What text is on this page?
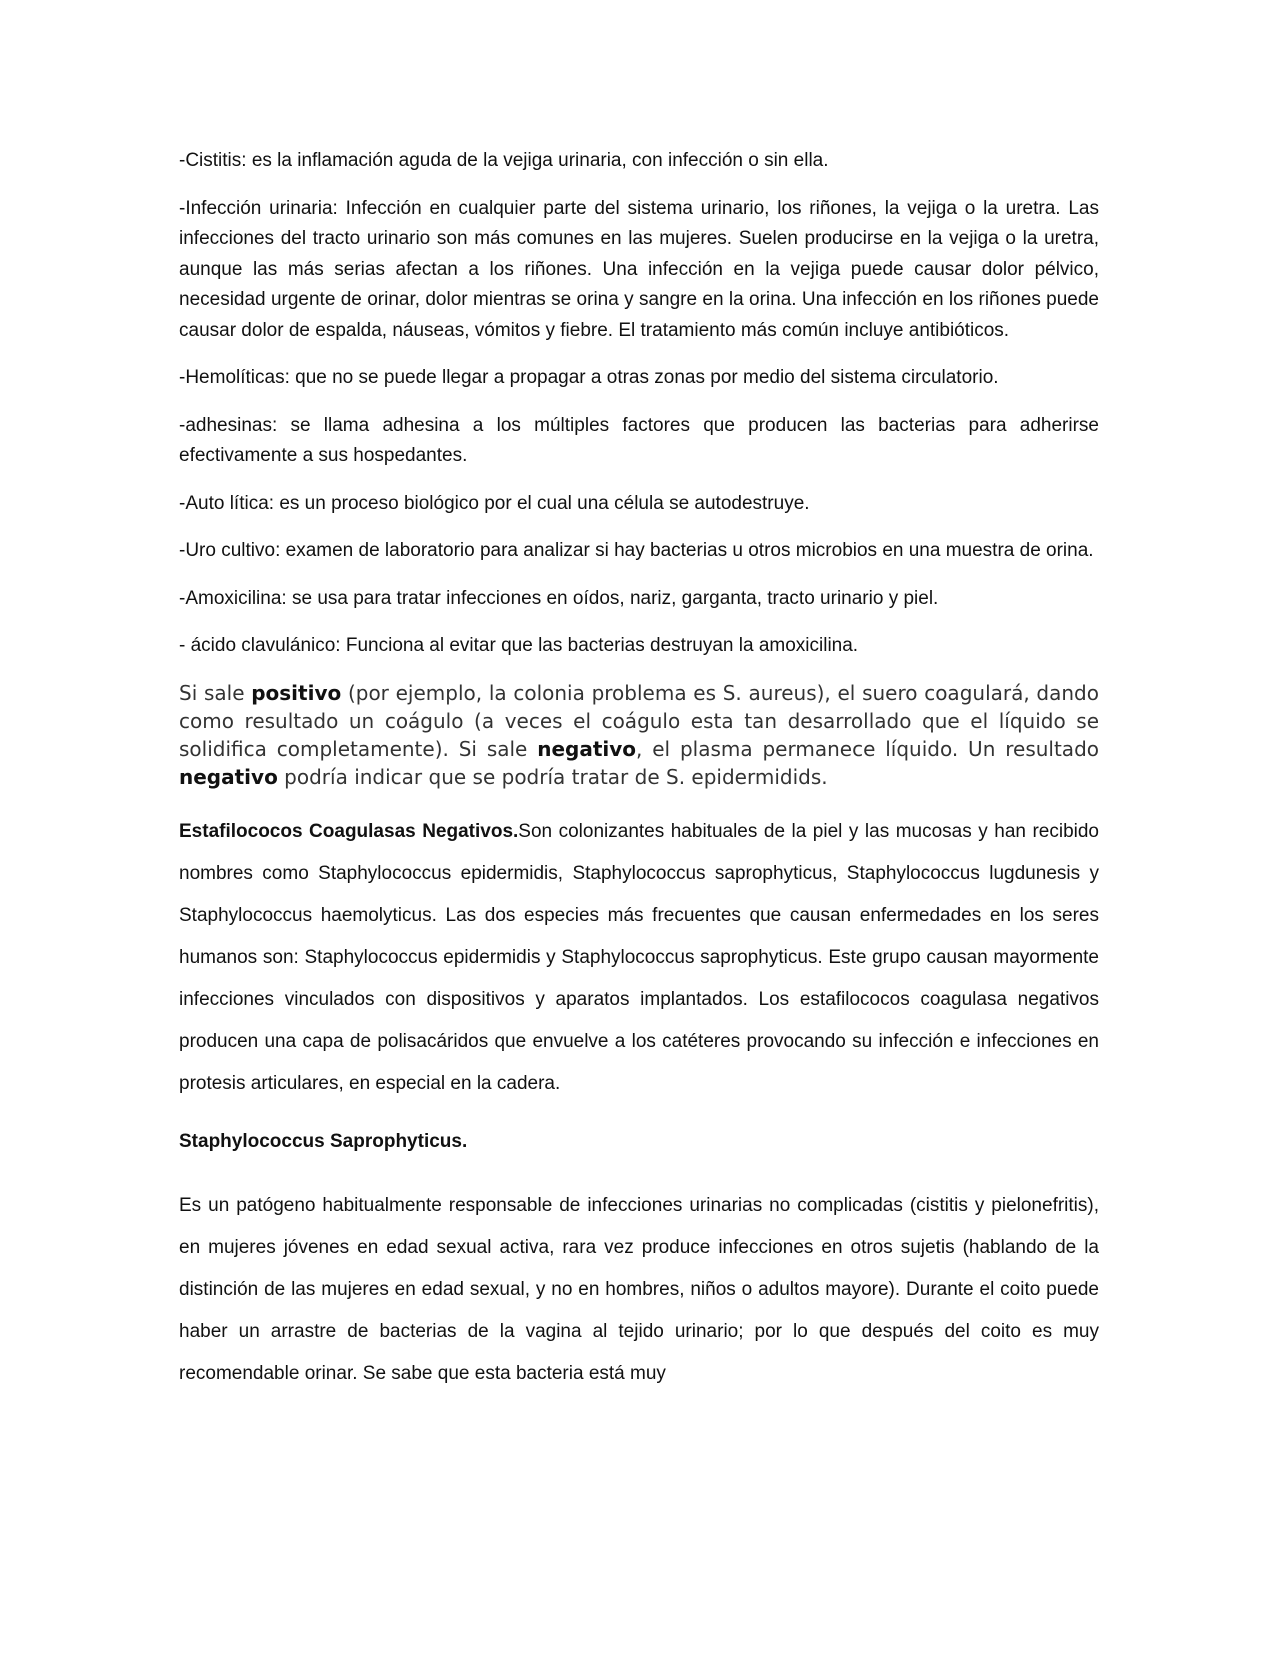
-Cistitis: es la inflamación aguda de la vejiga urinaria, con infección o sin ella.

-Infección urinaria: Infección en cualquier parte del sistema urinario, los riñones, la vejiga o la uretra. Las infecciones del tracto urinario son más comunes en las mujeres. Suelen producirse en la vejiga o la uretra, aunque las más serias afectan a los riñones. Una infección en la vejiga puede causar dolor pélvico, necesidad urgente de orinar, dolor mientras se orina y sangre en la orina. Una infección en los riñones puede causar dolor de espalda, náuseas, vómitos y fiebre. El tratamiento más común incluye antibióticos.

-Hemolíticas: que no se puede llegar a propagar a otras zonas por medio del sistema circulatorio.

-adhesinas: se llama adhesina a los múltiples factores que producen las bacterias para adherirse efectivamente a sus hospedantes.

-Auto lítica: es un proceso biológico por el cual una célula se autodestruye.

-Uro cultivo: examen de laboratorio para analizar si hay bacterias u otros microbios en una muestra de orina.

-Amoxicilina: se usa para tratar infecciones en oídos, nariz, garganta, tracto urinario y piel.

- ácido clavulánico: Funciona al evitar que las bacterias destruyan la amoxicilina.

Si sale positivo (por ejemplo, la colonia problema es S. aureus), el suero coagulará, dando como resultado un coágulo (a veces el coágulo esta tan desarrollado que el líquido se solidifica completamente). Si sale negativo, el plasma permanece líquido. Un resultado negativo podría indicar que se podría tratar de S. epidermidids.

Estafilococos Coagulasas Negativos.Son colonizantes habituales de la piel y las mucosas y han recibido nombres como Staphylococcus epidermidis, Staphylococcus saprophyticus, Staphylococcus lugdunesis y Staphylococcus haemolyticus. Las dos especies más frecuentes que causan enfermedades en los seres humanos son: Staphylococcus epidermidis y Staphylococcus saprophyticus. Este grupo causan mayormente infecciones vinculados con dispositivos y aparatos implantados. Los estafilococos coagulasa negativos producen una capa de polisacáridos que envuelve a los catéteres provocando su infección e infecciones en protesis articulares, en especial en la cadera.

Staphylococcus Saprophyticus.

Es un patógeno habitualmente responsable de infecciones urinarias no complicadas (cistitis y pielonefritis), en mujeres jóvenes en edad sexual activa, rara vez produce infecciones en otros sujetis (hablando de la distinción de las mujeres en edad sexual, y no en hombres, niños o adultos mayore). Durante el coito puede haber un arrastre de bacterias de la vagina al tejido urinario; por lo que después del coito es muy recomendable orinar. Se sabe que esta bacteria está muy
